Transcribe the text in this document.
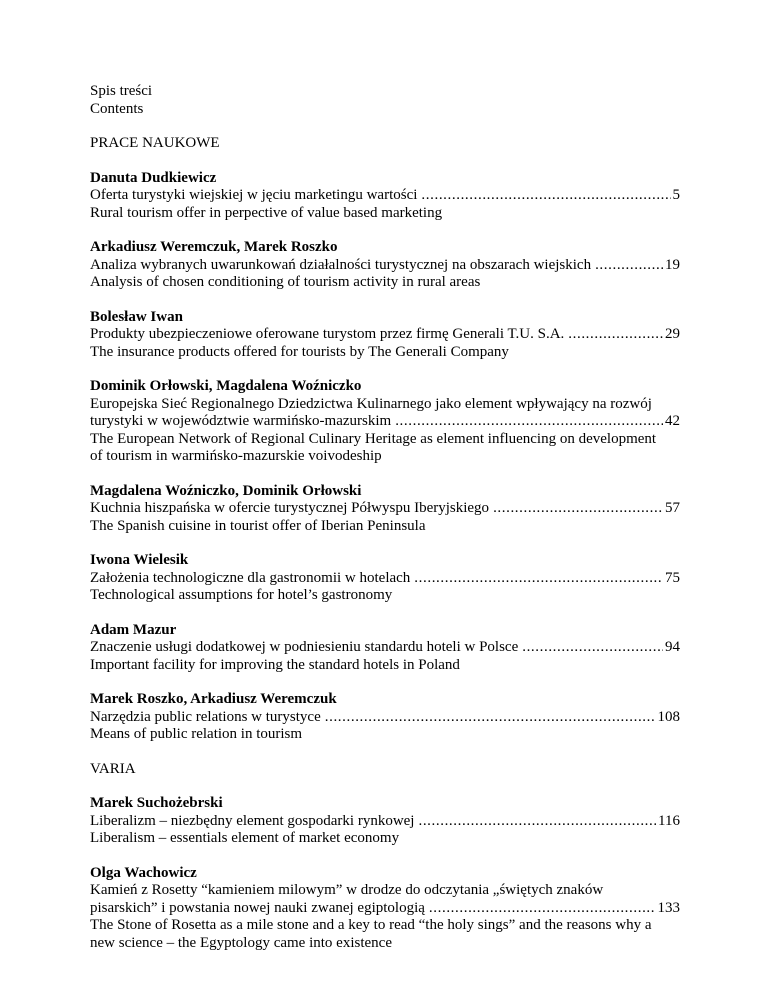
Spis treści
Contents
PRACE NAUKOWE
Danuta Dudkiewicz
Oferta turystyki wiejskiej w jęciu marketingu wartości .....	5
Rural tourism offer in perpective of value based marketing
Arkadiusz Weremczuk, Marek Roszko
Analiza wybranych uwarunkowań działalności turystycznej na obszarach wiejskich .....	19
Analysis of chosen conditioning of tourism activity in rural areas
Bolesław Iwan
Produkty ubezpieczeniowe oferowane turystom przez firmę Generali T.U. S.A. .....	29
The insurance products offered for tourists by The Generali Company
Dominik Orłowski, Magdalena Woźniczko
Europejska Sieć Regionalnego Dziedzictwa Kulinarnego jako element wpływający na rozwój
turystyki w województwie warmińsko-mazurskim .....	42
The European Network of Regional Culinary Heritage as element influencing on development
of tourism in warmińsko-mazurskie voivodeship
Magdalena Woźniczko, Dominik Orłowski
Kuchnia hiszpańska w ofercie turystycznej Półwyspu Iberyjskiego .....	57
The Spanish cuisine in tourist offer of Iberian Peninsula
Iwona Wielesik
Założenia technologiczne dla gastronomii w hotelach .....	75
Technological assumptions for hotel’s gastronomy
Adam Mazur
Znaczenie usługi dodatkowej w podniesieniu standardu hoteli w Polsce .....	94
Important facility for improving the standard hotels in Poland
Marek Roszko, Arkadiusz Weremczuk
Narzędzia public relations w turystyce .....	108
Means of public relation in tourism
VARIA
Marek Suchożebrski
Liberalizm – niezbędny element gospodarki rynkowej .....	116
Liberalism – essentials element of market economy
Olga Wachowicz
Kamień z Rosetty “kamieniem milowym” w drodze do odczytania „świętych znaków
pisarskich” i powstania nowej nauki zwanej egiptologią .....	133
The Stone of Rosetta as a mile stone and a key to read “the holy sings” and the reasons why a
new science – the Egyptology came into existence
